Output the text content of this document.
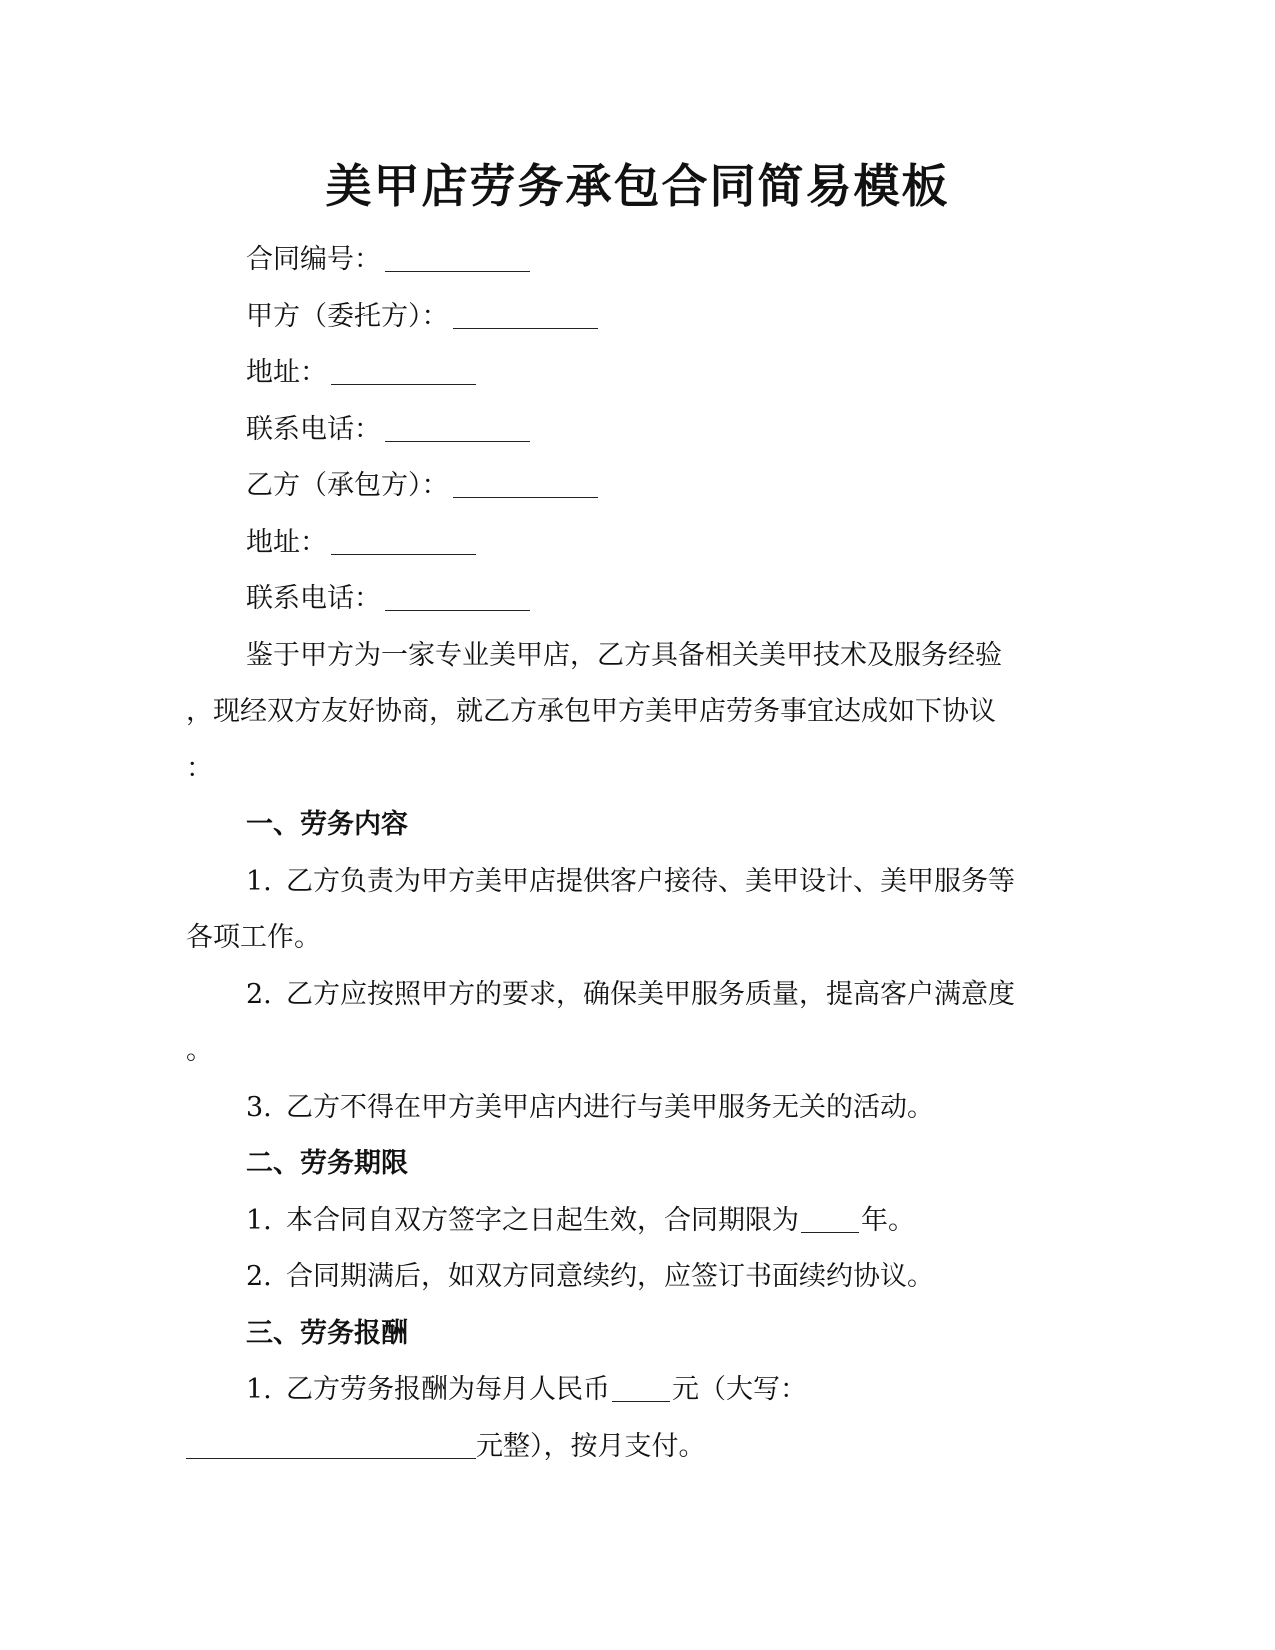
美甲店劳务承包合同简易模板

合同编号：

甲方（委托方）：

地址：

联系电话：

乙方（承包方）：

地址：

联系电话：

鉴于甲方为一家专业美甲店，乙方具备相关美甲技术及服务经验

，现经双方友好协商，就乙方承包甲方美甲店劳务事宜达成如下协议

：

一、劳务内容

1. 乙方负责为甲方美甲店提供客户接待、美甲设计、美甲服务等

各项工作。

2. 乙方应按照甲方的要求，确保美甲服务质量，提高客户满意度

。

3. 乙方不得在甲方美甲店内进行与美甲服务无关的活动。

二、劳务期限

1. 本合同自双方签字之日起生效，合同期限为 年。

2. 合同期满后，如双方同意续约，应签订书面续约协议。

三、劳务报酬

1. 乙方劳务报酬为每月人民币 元（大写：

元整），按月支付。
